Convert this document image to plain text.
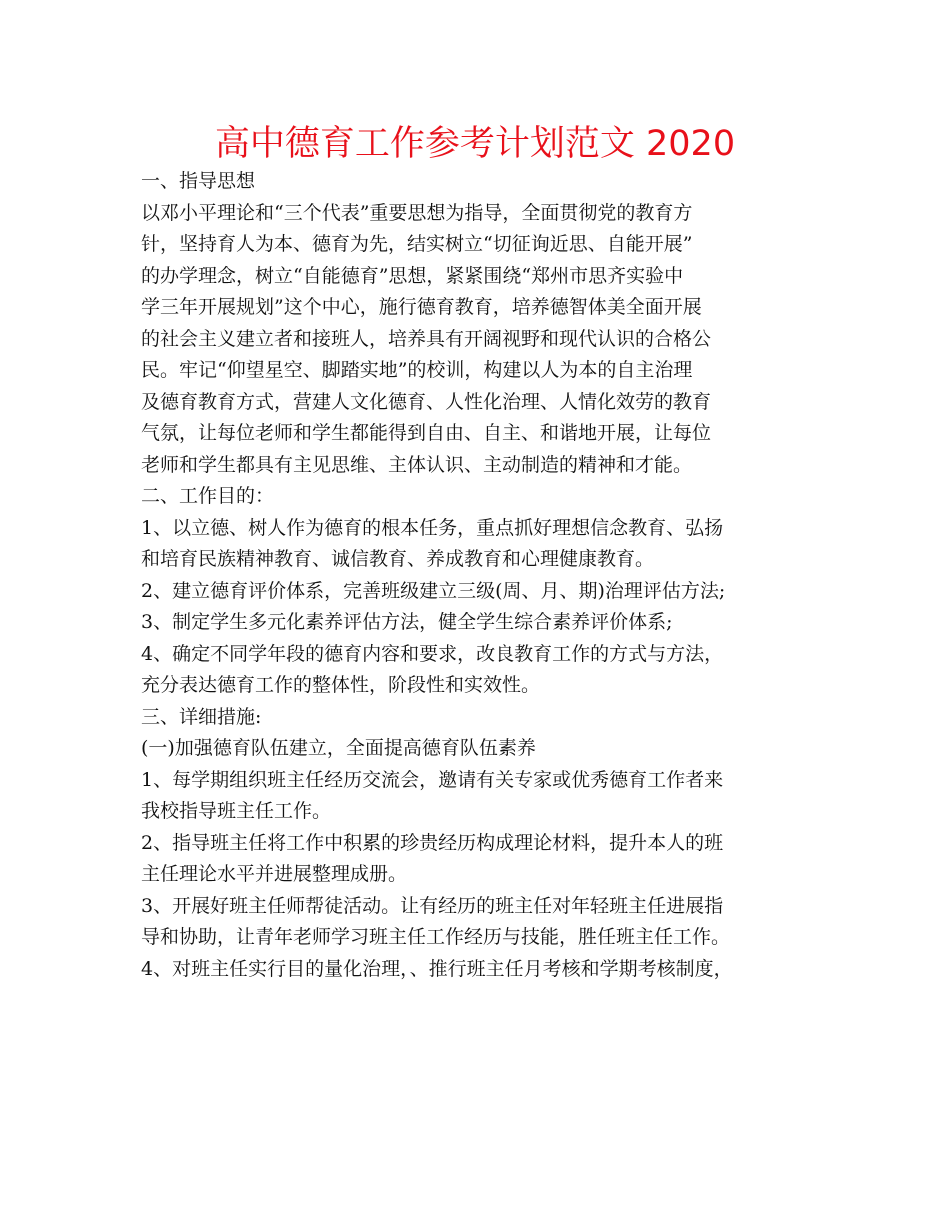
高中德育工作参考计划范文 2020

一、指导思想

以邓小平理论和“三个代表”重要思想为指导，全面贯彻党的教育方

针，坚持育人为本、德育为先，结实树立“切征询近思、自能开展”

的办学理念，树立“自能德育”思想，紧紧围绕“郑州市思齐实验中

学三年开展规划”这个中心，施行德育教育，培养德智体美全面开展

的社会主义建立者和接班人，培养具有开阔视野和现代认识的合格公

民。牢记“仰望星空、脚踏实地”的校训，构建以人为本的自主治理

及德育教育方式，营建人文化德育、人性化治理、人情化效劳的教育

气氛，让每位老师和学生都能得到自由、自主、和谐地开展，让每位

老师和学生都具有主见思维、主体认识、主动制造的精神和才能。

二、工作目的：

1、以立德、树人作为德育的根本任务，重点抓好理想信念教育、弘扬

和培育民族精神教育、诚信教育、养成教育和心理健康教育。

2、建立德育评价体系，完善班级建立三级(周、月、期)治理评估方法;

3、制定学生多元化素养评估方法，健全学生综合素养评价体系;

4、确定不同学年段的德育内容和要求，改良教育工作的方式与方法，

充分表达德育工作的整体性，阶段性和实效性。

三、详细措施:

(一)加强德育队伍建立，全面提高德育队伍素养

1、每学期组织班主任经历交流会，邀请有关专家或优秀德育工作者来

我校指导班主任工作。

2、指导班主任将工作中积累的珍贵经历构成理论材料，提升本人的班

主任理论水平并进展整理成册。

3、开展好班主任师帮徒活动。让有经历的班主任对年轻班主任进展指

导和协助，让青年老师学习班主任工作经历与技能，胜任班主任工作。

4、对班主任实行目的量化治理，、推行班主任月考核和学期考核制度，
